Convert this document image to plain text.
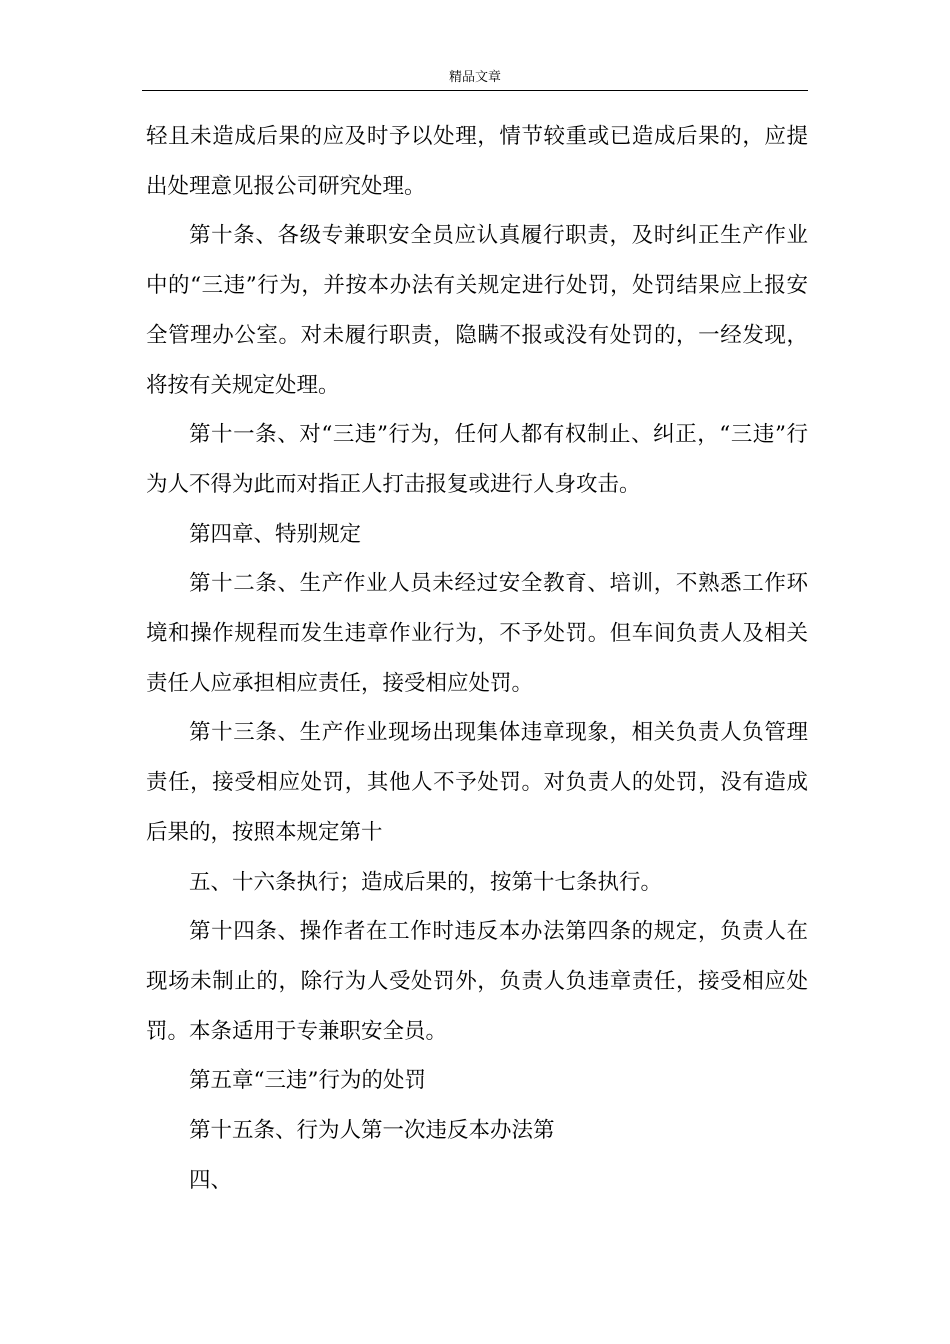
精品文章

轻且未造成后果的应及时予以处理，情节较重或已造成后果的，应提出处理意见报公司研究处理。

第十条、各级专兼职安全员应认真履行职责，及时纠正生产作业中的“三违”行为，并按本办法有关规定进行处罚，处罚结果应上报安全管理办公室。对未履行职责，隐瞒不报或没有处罚的，一经发现，将按有关规定处理。

第十一条、对“三违”行为，任何人都有权制止、纠正，“三违”行为人不得为此而对指正人打击报复或进行人身攻击。

第四章、特别规定

第十二条、生产作业人员未经过安全教育、培训，不熟悉工作环境和操作规程而发生违章作业行为，不予处罚。但车间负责人及相关责任人应承担相应责任，接受相应处罚。

第十三条、生产作业现场出现集体违章现象，相关负责人负管理责任，接受相应处罚，其他人不予处罚。对负责人的处罚，没有造成后果的，按照本规定第十

五、十六条执行；造成后果的，按第十七条执行。

第十四条、操作者在工作时违反本办法第四条的规定，负责人在现场未制止的，除行为人受处罚外，负责人负违章责任，接受相应处罚。本条适用于专兼职安全员。

第五章“三违”行为的处罚

第十五条、行为人第一次违反本办法第

四、
